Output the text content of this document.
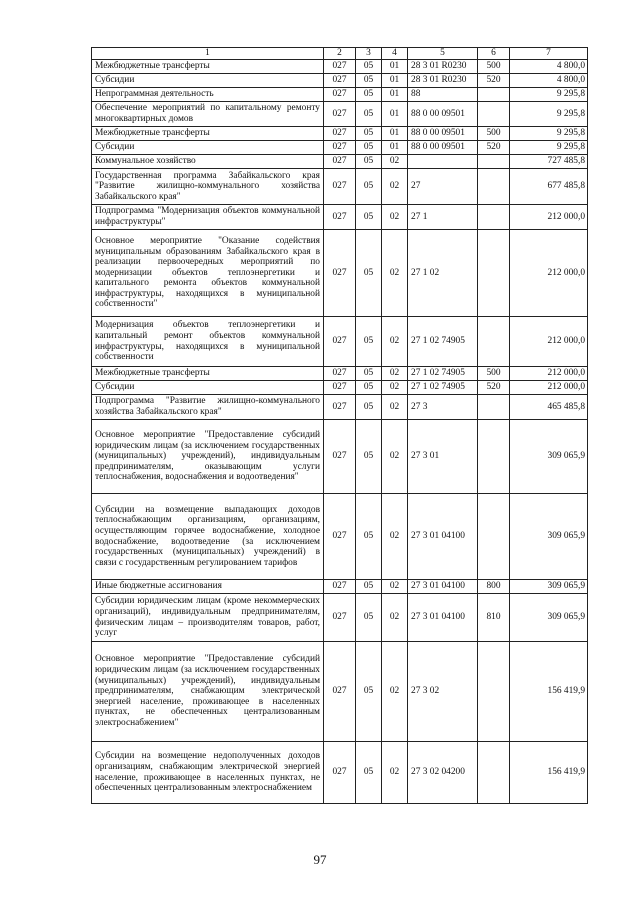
1	2	3	4	5	6	7
Межбюджетные трансферты	027	05	01	28 3 01 R0230	500	4 800,0
Субсидии	027	05	01	28 3 01 R0230	520	4 800,0
Непрограммная деятельность	027	05	01	88		9 295,8
Обеспечение мероприятий по капитальному ремонту многоквартирных домов	027	05	01	88 0 00 09501		9 295,8
Межбюджетные трансферты	027	05	01	88 0 00 09501	500	9 295,8
Субсидии	027	05	01	88 0 00 09501	520	9 295,8
Коммунальное хозяйство	027	05	02			727 485,8
Государственная программа Забайкальского края "Развитие жилищно-коммунального хозяйства Забайкальского края"	027	05	02	27		677 485,8
Подпрограмма "Модернизация объектов коммунальной инфраструктуры"	027	05	02	27 1		212 000,0
Основное мероприятие "Оказание содействия муниципальным образованиям Забайкальского края в реализации первоочередных мероприятий по модернизации объектов теплоэнергетики и капитального ремонта объектов коммунальной инфраструктуры, находящихся в муниципальной собственности"	027	05	02	27 1 02		212 000,0
Модернизация объектов теплоэнергетики и капитальный ремонт объектов коммунальной инфраструктуры, находящихся в муниципальной собственности	027	05	02	27 1 02 74905		212 000,0
Межбюджетные трансферты	027	05	02	27 1 02 74905	500	212 000,0
Субсидии	027	05	02	27 1 02 74905	520	212 000,0
Подпрограмма "Развитие жилищно-коммунального хозяйства Забайкальского края"	027	05	02	27 3		465 485,8
Основное мероприятие "Предоставление субсидий юридическим лицам (за исключением государственных (муниципальных) учреждений), индивидуальным предпринимателям, оказывающим услуги теплоснабжения, водоснабжения и водоотведения"	027	05	02	27 3 01		309 065,9
Субсидии на возмещение выпадающих доходов теплоснабжающим организациям, организациям, осуществляющим горячее водоснабжение, холодное водоснабжение, водоотведение (за исключением государственных (муниципальных) учреждений) в связи с государственным регулированием тарифов	027	05	02	27 3 01 04100		309 065,9
Иные бюджетные ассигнования	027	05	02	27 3 01 04100	800	309 065,9
Субсидии юридическим лицам (кроме некоммерческих организаций), индивидуальным предпринимателям, физическим лицам – производителям товаров, работ, услуг	027	05	02	27 3 01 04100	810	309 065,9
Основное мероприятие "Предоставление субсидий юридическим лицам (за исключением государственных (муниципальных) учреждений), индивидуальным предпринимателям, снабжающим электрической энергией население, проживающее в населенных пунктах, не обеспеченных централизованным электроснабжением"	027	05	02	27 3 02		156 419,9
Субсидии на возмещение недополученных доходов организациям, снабжающим электрической энергией население, проживающее в населенных пунктах, не обеспеченных централизованным электроснабжением	027	05	02	27 3 02 04200		156 419,9
97
